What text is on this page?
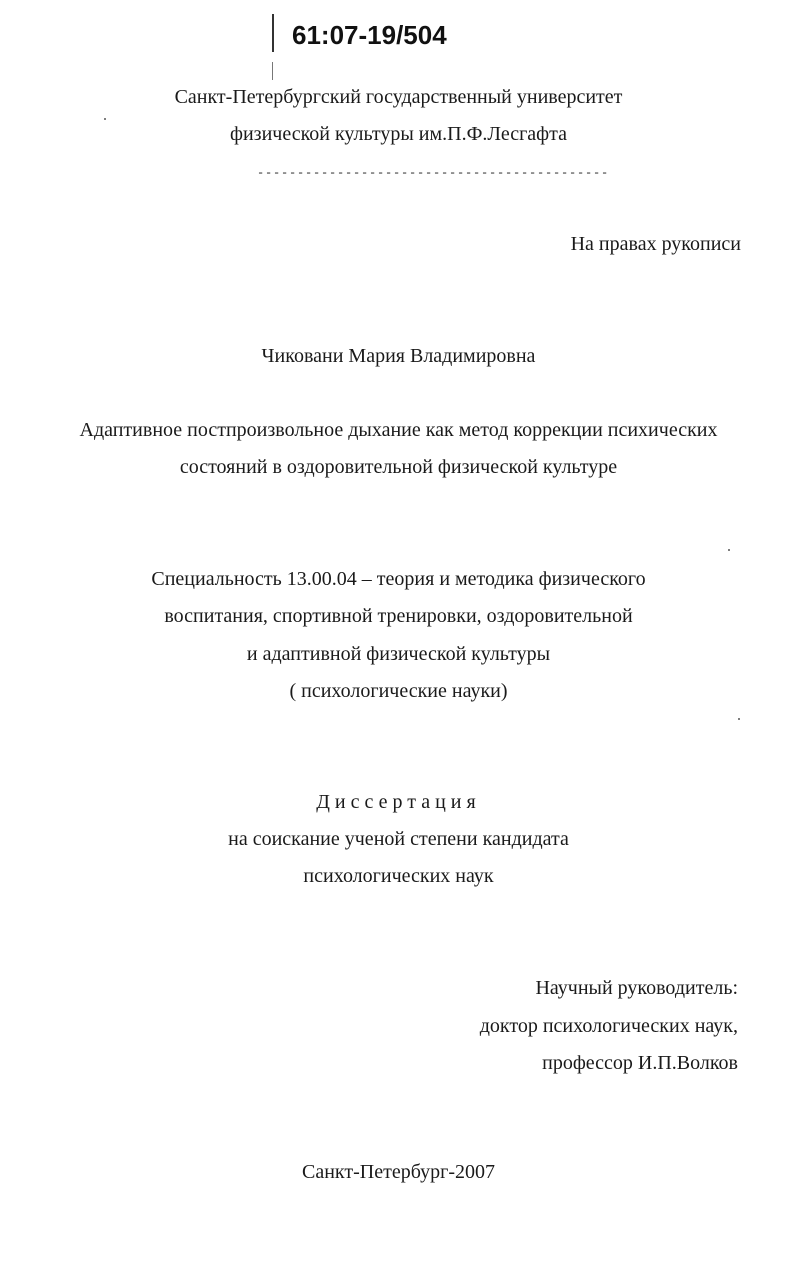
61:07-19/504
Санкт-Петербургский государственный университет
физической культуры им.П.Ф.Лесгафта
--------------------------------------------
На правах рукописи
Чиковани Мария Владимировна
Адаптивное постпроизвольное дыхание как метод коррекции психических
состояний в оздоровительной физической культуре
Специальность 13.00.04 – теория и методика физического
воспитания, спортивной тренировки, оздоровительной
и адаптивной физической культуры
( психологические науки)
Диссертация
на соискание ученой степени кандидата
психологических наук
Научный руководитель:
доктор психологических наук,
профессор И.П.Волков
Санкт-Петербург-2007
